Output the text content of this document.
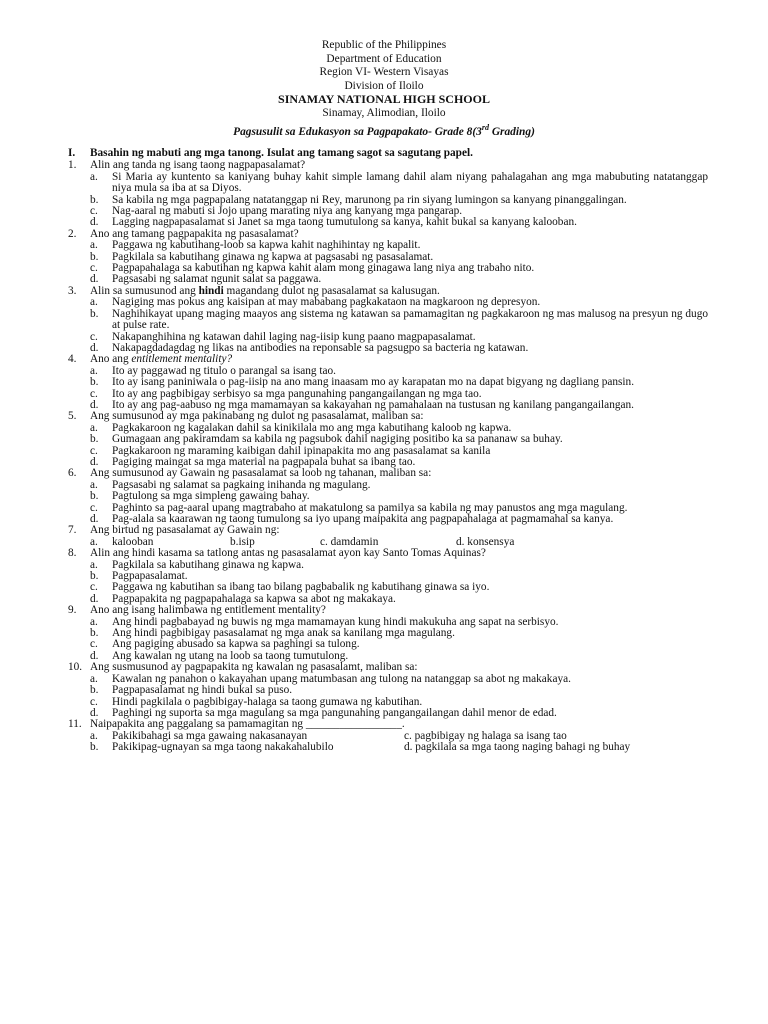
Republic of the Philippines
Department of Education
Region VI- Western Visayas
Division of Iloilo
SINAMAY NATIONAL HIGH SCHOOL
Sinamay, Alimodian, Iloilo
Pagsusulit sa Edukasyon sa Pagpapakato- Grade 8(3rd Grading)
I. Basahin ng mabuti ang mga tanong. Isulat ang tamang sagot sa sagutang papel.
1. Alin ang tanda ng isang taong nagpapasalamat?
a. Si Maria ay kuntento sa kaniyang buhay kahit simple lamang dahil alam niyang pahalagahan ang mga mabubuting natatanggap niya mula sa iba at sa Diyos.
b. Sa kabila ng mga pagpapalang natatanggap ni Rey, marunong pa rin siyang lumingon sa kanyang pinanggalingan.
c. Nag-aaral ng mabuti si Jojo upang marating niya ang kanyang mga pangarap.
d. Lagging nagpapasalamat si Janet sa mga taong tumutulong sa kanya, kahit bukal sa kanyang kalooban.
2. Ano ang tamang pagpapakita ng pasasalamat?
a. Paggawa ng kabutihang-loob sa kapwa kahit naghihintay ng kapalit.
b. Pagkilala sa kabutihang ginawa ng kapwa at pagsasabi ng pasasalamat.
c. Pagpapahalaga sa kabutihan ng kapwa kahit alam mong ginagawa lang niya ang trabaho nito.
d. Pagsasabi ng salamat ngunit salat sa paggawa.
3. Alin sa sumusunod ang hindi magandang dulot ng pasasalamat sa kalusugan.
a. Nagiging mas pokus ang kaisipan at may mababang pagkakataon na magkaroon ng depresyon.
b. Naghihikayat upang maging maayos ang sistema ng katawan sa pamamagitan ng pagkakaroon ng mas malusog na presyun ng dugo at pulse rate.
c. Nakapanghihina ng katawan dahil laging nag-iisip kung paano magpapasalamat.
d. Nakapagdadagdag ng likas na antibodies na reponsable sa pagsugpo sa bacteria ng katawan.
4. Ano ang entitlement mentality?
a. Ito ay paggawad ng titulo o parangal sa isang tao.
b. Ito ay isang paniniwala o pag-iisip na ano mang inaasam mo ay karapatan mo na dapat bigyang ng dagliang pansin.
c. Ito ay ang pagbibigay serbisyo sa mga pangunahing pangangailangan ng mga tao.
d. Ito ay ang pag-aabuso ng mga mamamayan sa kakayahan ng pamahalaan na tustusan ng kanilang pangangailangan.
5. Ang sumusunod ay mga pakinabang ng dulot ng pasasalamat, maliban sa:
a. Pagkakaroon ng kagalakan dahil sa kinikilala mo ang mga kabutihang kaloob ng kapwa.
b. Gumagaan ang pakiramdam sa kabila ng pagsubok dahil nagiging positibo ka sa pananaw sa buhay.
c. Pagkakaroon ng maraming kaibigan dahil ipinapakita mo ang pasasalamat sa kanila
d. Pagiging maingat sa mga material na pagpapala buhat sa ibang tao.
6. Ang sumusunod ay Gawain ng pasasalamat sa loob ng tahanan, maliban sa:
a. Pagsasabi ng salamat sa pagkaing inihanda ng magulang.
b. Pagtulong sa mga simpleng gawaing bahay.
c. Paghinto sa pag-aaral upang magtrabaho at makatulong sa pamilya sa kabila ng may panustos ang mga magulang.
d. Pag-alala sa kaarawan ng taong tumulong sa iyo upang maipakita ang pagpapahalaga at pagmamahal sa kanya.
7. Ang birtud ng pasasalamat ay Gawain ng:
a.	kalooban	b.isip	c. damdamin	d. konsensya
8. Alin ang hindi kasama sa tatlong antas ng pasasalamat ayon kay Santo Tomas Aquinas?
a. Pagkilala sa kabutihang ginawa ng kapwa.
b. Pagpapasalamat.
c. Paggawa ng kabutihan sa ibang tao bilang pagbabalik ng kabutihang ginawa sa iyo.
d. Pagpapakita ng pagpapahalaga sa kapwa sa abot ng makakaya.
9. Ano ang isang halimbawa ng entitlement mentality?
a. Ang hindi pagbabayad ng buwis ng mga mamamayan kung hindi makukuha ang sapat na serbisyo.
b. Ang hindi pagbibigay pasasalamat ng mga anak sa kanilang mga magulang.
c. Ang pagiging abusado sa kapwa sa paghingi sa tulong.
d. Ang kawalan ng utang na loob sa taong tumutulong.
10. Ang susmusunod ay pagpapakita ng kawalan ng pasasalamt, maliban sa:
a. Kawalan ng panahon o kakayahan upang matumbasan ang tulong na natanggap sa abot ng makakaya.
b. Pagpapasalamat ng hindi bukal sa puso.
c. Hindi pagkilala o pagbibigay-halaga sa taong gumawa ng kabutihan.
d. Paghingi ng suporta sa mga magulang sa mga pangunahing pangangailangan dahil menor de edad.
11. Naipapakita ang paggalang sa pamamagitan ng _________________.
a.	Pakikibahagi sa mga gawaing nakasanayan	c. pagbibigay ng halaga sa isang tao
b.	Pakikipag-ugnayan sa mga taong nakakahalubilo	d. pagkilala sa mga taong naging bahagi ng buhay
